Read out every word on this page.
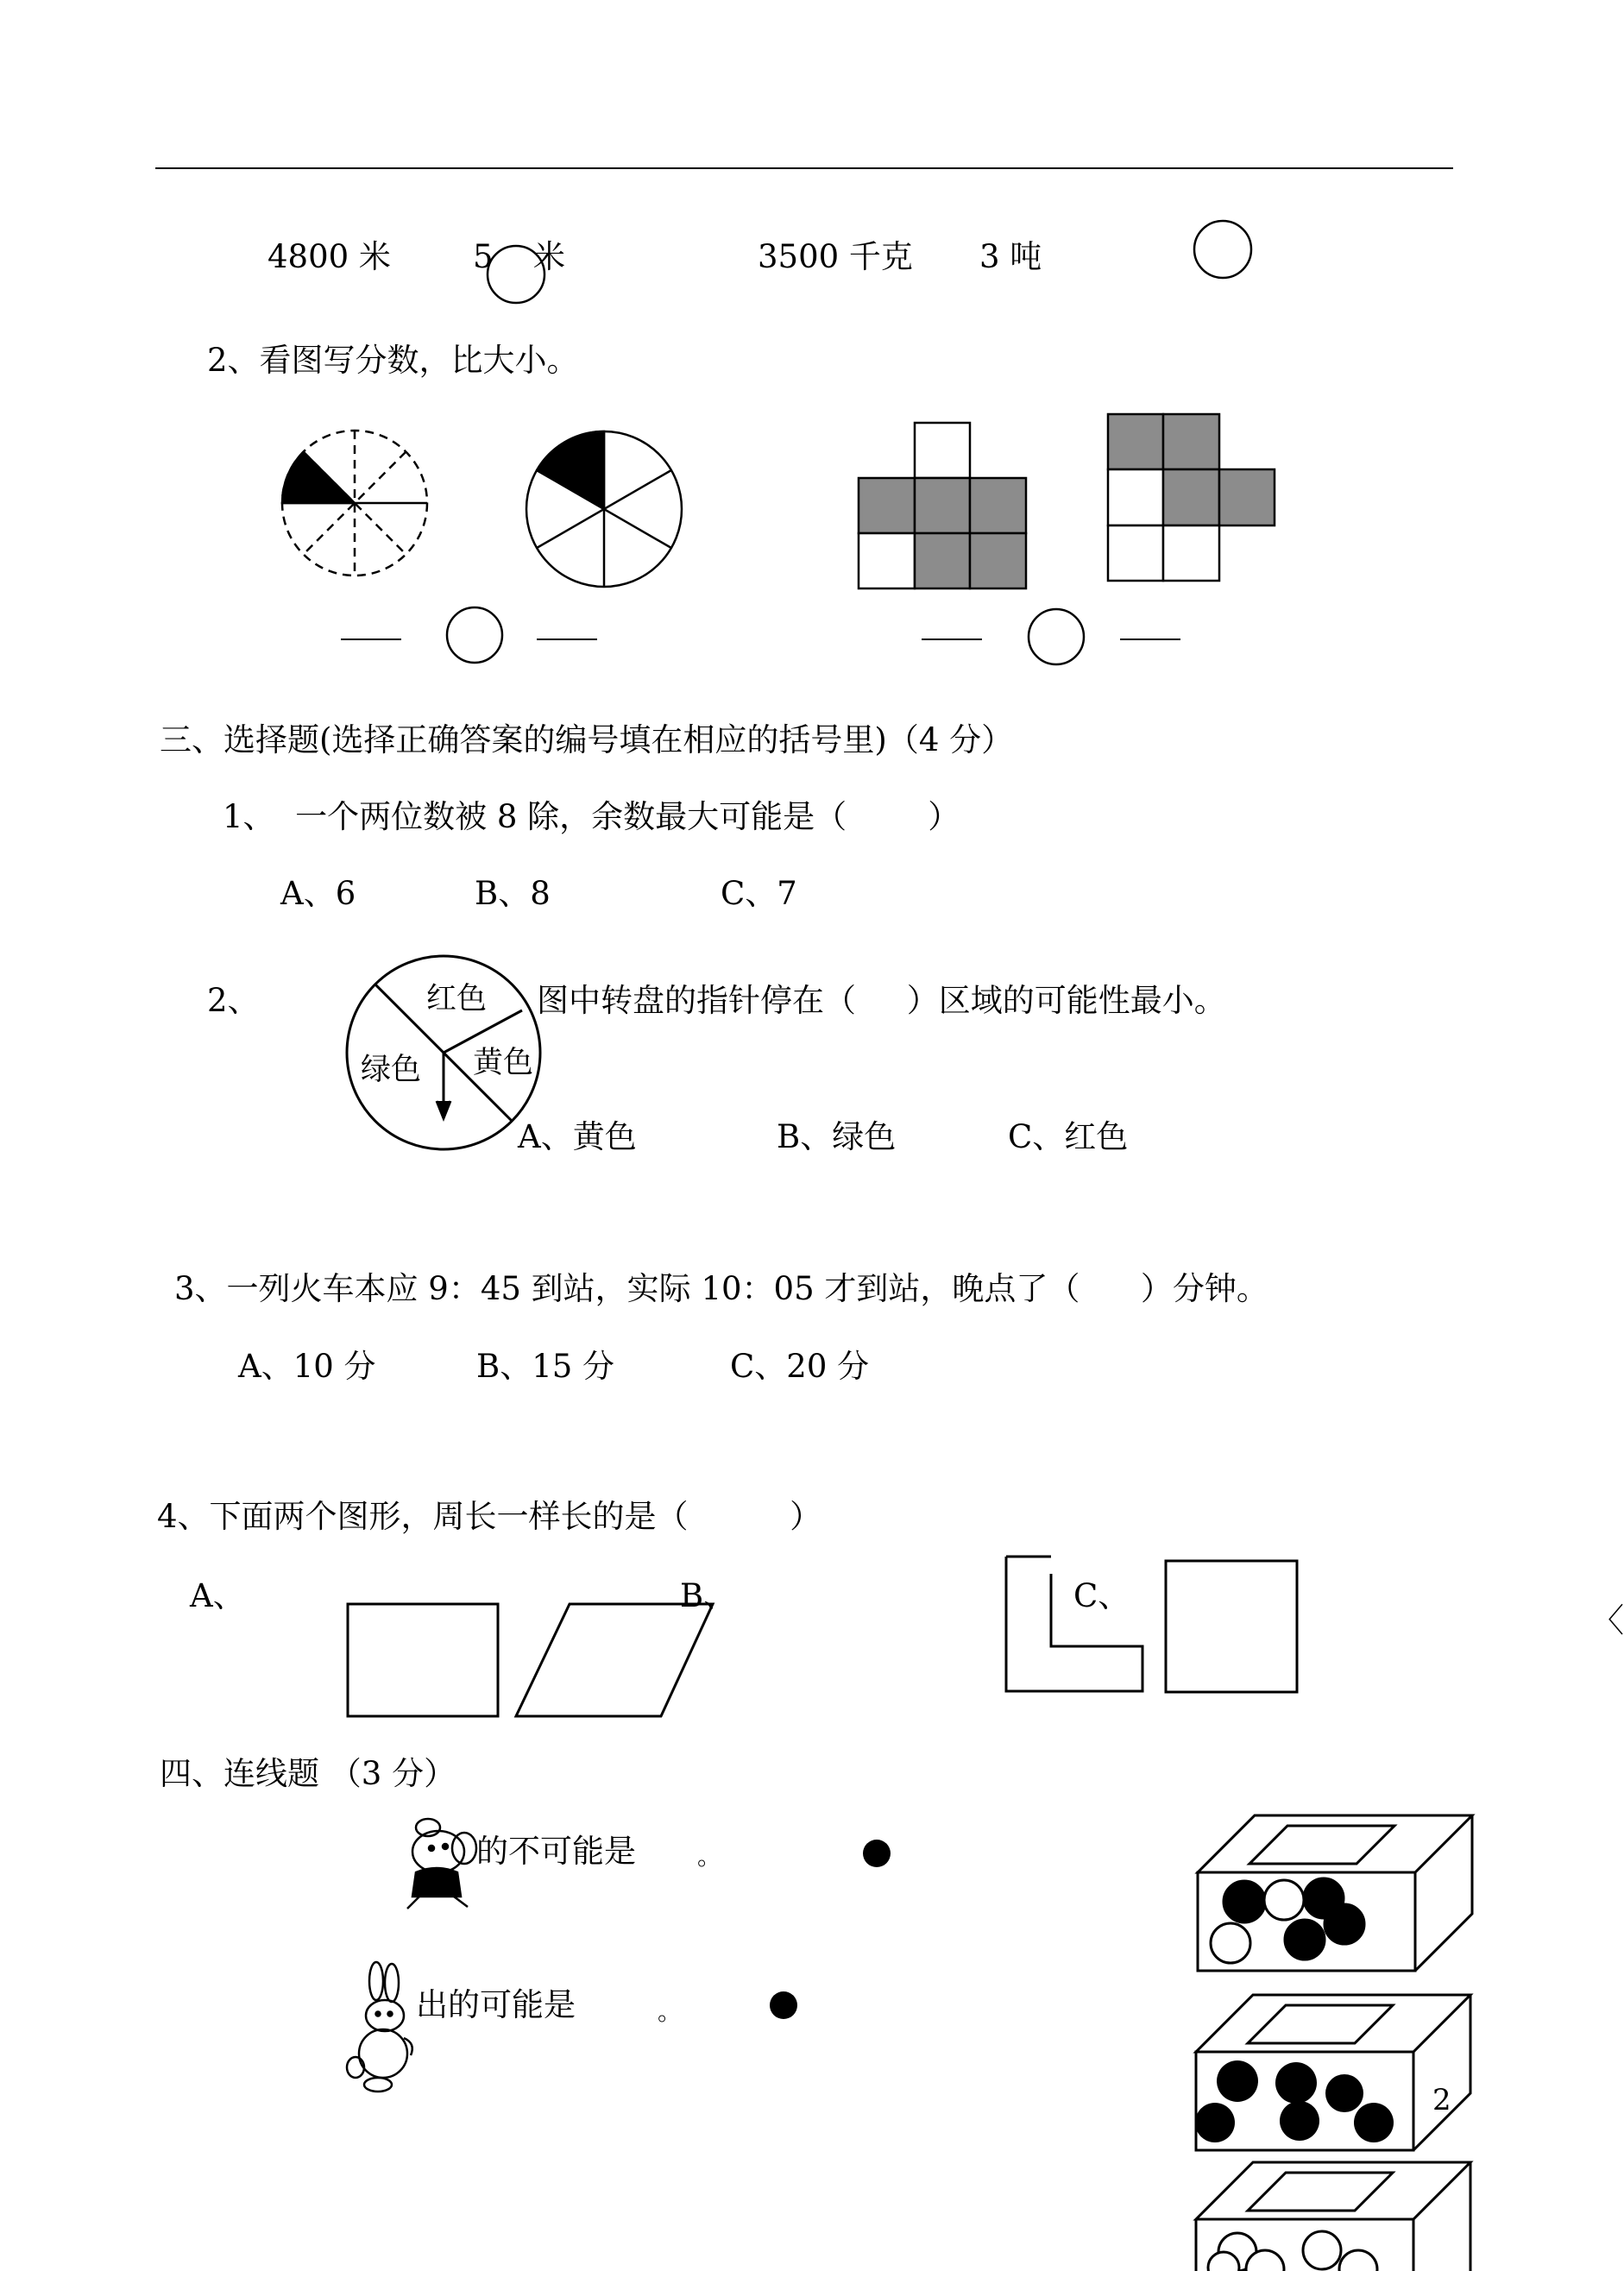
4800 米	5 米	3500 千克 3 吨
2、看图写分数，比大小。
三、选择题(选择正确答案的编号填在相应的括号里)（4 分）
1、  一个两位数被 8 除，余数最大可能是（        ）
A、6	B、8	C、7
2、	红色
绿色 黄色
图中转盘的指针停在（     ）区域的可能性最小。
A、黄色	B、绿色	C、红色
3、一列火车本应 9：45 到站，实际 10：05 才到站，晚点了（      ）分钟。
A、10 分	B、15 分	C、20 分
4、下面两个图形，周长一样长的是（          ）
A、	B、	C、
四、连线题 （3 分）
的不可能是	。
出的可能是	。
2
〈
